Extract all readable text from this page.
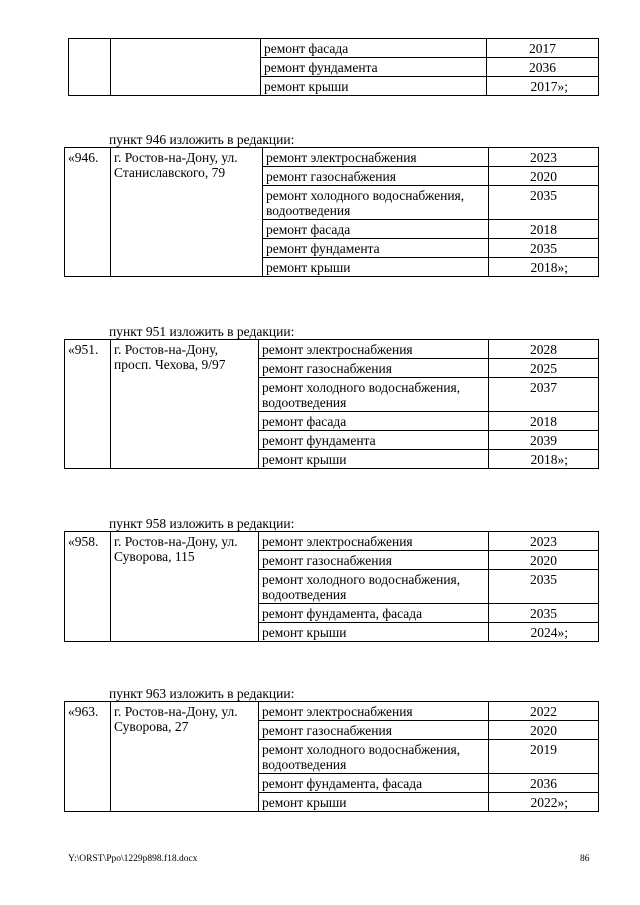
		ремонт фасада	2017
		ремонт фундамента	2036
		ремонт крыши	2017»;
пункт 946 изложить в редакции:
«946.	г. Ростов-на-Дону, ул. Станиславского, 79	ремонт электроснабжения	2023
		ремонт газоснабжения	2020
		ремонт холодного водоснабжения, водоотведения	2035
		ремонт фасада	2018
		ремонт фундамента	2035
		ремонт крыши	2018»;
пункт 951 изложить в редакции:
«951.	г. Ростов-на-Дону, просп. Чехова, 9/97	ремонт электроснабжения	2028
		ремонт газоснабжения	2025
		ремонт холодного водоснабжения, водоотведения	2037
		ремонт фасада	2018
		ремонт фундамента	2039
		ремонт крыши	2018»;
пункт 958 изложить в редакции:
«958.	г. Ростов-на-Дону, ул. Суворова, 115	ремонт электроснабжения	2023
		ремонт газоснабжения	2020
		ремонт холодного водоснабжения, водоотведения	2035
		ремонт фундамента, фасада	2035
		ремонт крыши	2024»;
пункт 963 изложить в редакции:
«963.	г. Ростов-на-Дону, ул. Суворова, 27	ремонт электроснабжения	2022
		ремонт газоснабжения	2020
		ремонт холодного водоснабжения, водоотведения	2019
		ремонт фундамента, фасада	2036
		ремонт крыши	2022»;
Y:\ORST\Ppo\1229p898.f18.docx	86
